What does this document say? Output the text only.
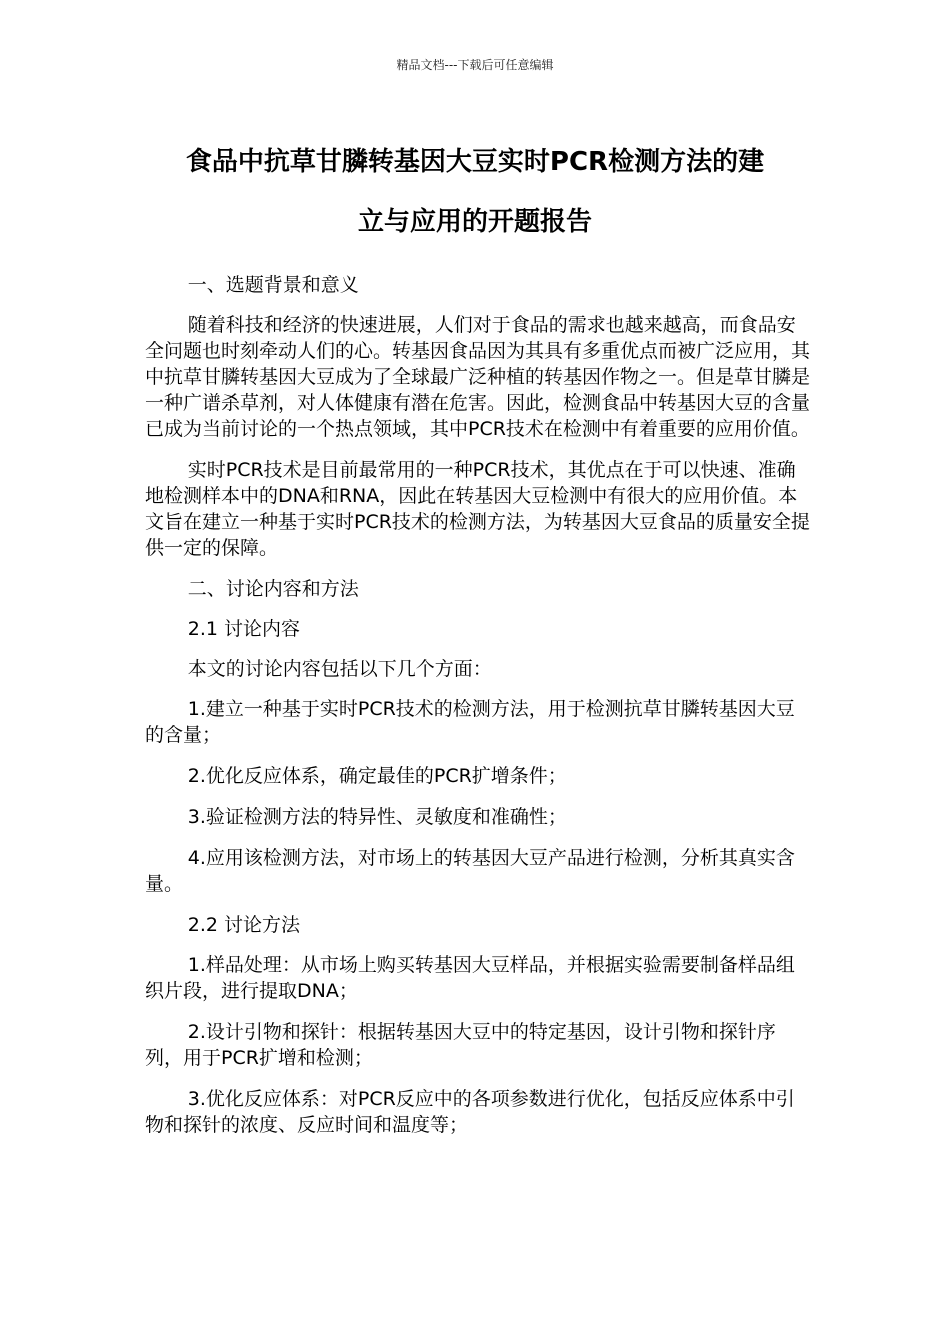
精品文档---下载后可任意编辑
食品中抗草甘膦转基因大豆实时PCR检测方法的建
立与应用的开题报告

一、选题背景和意义

随着科技和经济的快速进展，人们对于食品的需求也越来越高，而食品安全问题也时刻牵动人们的心。转基因食品因为其具有多重优点而被广泛应用，其中抗草甘膦转基因大豆成为了全球最广泛种植的转基因作物之一。但是草甘膦是一种广谱杀草剂，对人体健康有潜在危害。因此，检测食品中转基因大豆的含量已成为当前讨论的一个热点领域，其中PCR技术在检测中有着重要的应用价值。

实时PCR技术是目前最常用的一种PCR技术，其优点在于可以快速、准确地检测样本中的DNA和RNA，因此在转基因大豆检测中有很大的应用价值。本文旨在建立一种基于实时PCR技术的检测方法，为转基因大豆食品的质量安全提供一定的保障。

二、讨论内容和方法

2.1 讨论内容

本文的讨论内容包括以下几个方面：

1.建立一种基于实时PCR技术的检测方法，用于检测抗草甘膦转基因大豆的含量；

2.优化反应体系，确定最佳的PCR扩增条件；

3.验证检测方法的特异性、灵敏度和准确性；

4.应用该检测方法，对市场上的转基因大豆产品进行检测，分析其真实含量。

2.2 讨论方法

1.样品处理：从市场上购买转基因大豆样品，并根据实验需要制备样品组织片段，进行提取DNA；

2.设计引物和探针：根据转基因大豆中的特定基因，设计引物和探针序列，用于PCR扩增和检测；

3.优化反应体系：对PCR反应中的各项参数进行优化，包括反应体系中引物和探针的浓度、反应时间和温度等；
